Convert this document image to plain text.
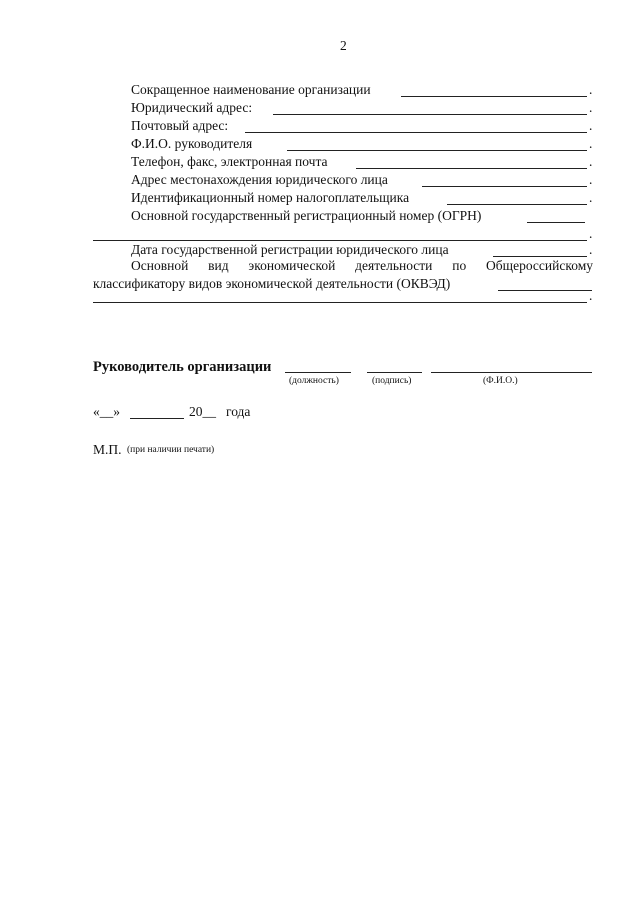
2
Сокращенное наименование организации	.
Юридический адрес:	.
Почтовый адрес:	.
Ф.И.О. руководителя	.
Телефон, факс, электронная почта	.
Адрес местонахождения юридического лица	.
Идентификационный номер налогоплательщика	.
Основной государственный регистрационный номер (ОГРН)
.
Дата государственной регистрации юридического лица	.
Основной вид экономической деятельности по Общероссийскому
классификатору видов экономической деятельности (ОКВЭД)
.
Руководитель организации
(должность)	(подпись)	(Ф.И.О.)
«__»	20__ года
М.П. (при наличии печати)
